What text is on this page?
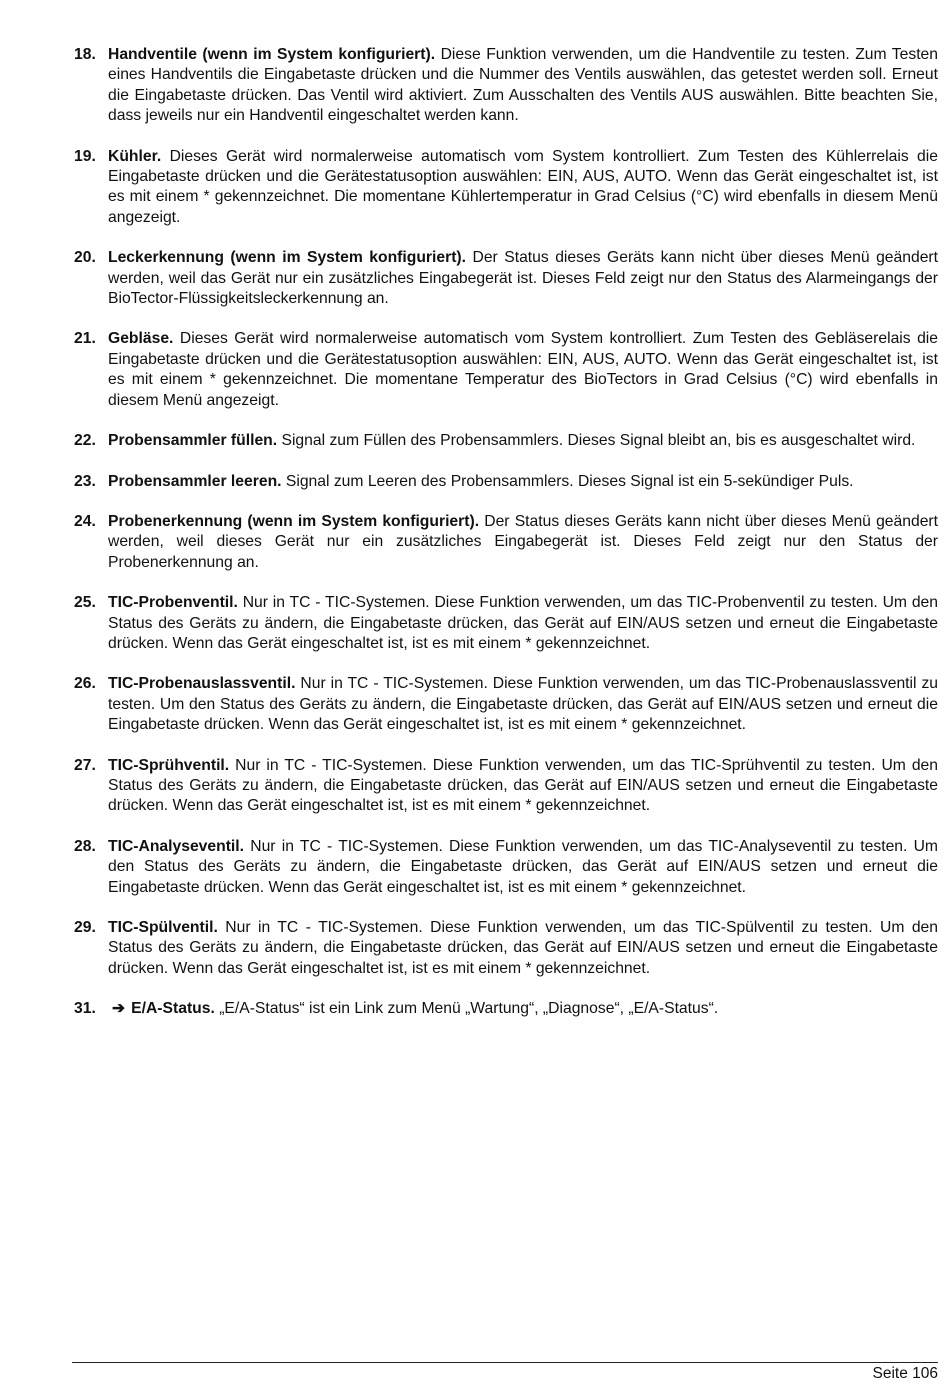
18. Handventile (wenn im System konfiguriert). Diese Funktion verwenden, um die Handventile zu testen. Zum Testen eines Handventils die Eingabetaste drücken und die Nummer des Ventils auswählen, das getestet werden soll. Erneut die Eingabetaste drücken. Das Ventil wird aktiviert. Zum Ausschalten des Ventils AUS auswählen. Bitte beachten Sie, dass jeweils nur ein Handventil eingeschaltet werden kann.
19. Kühler. Dieses Gerät wird normalerweise automatisch vom System kontrolliert. Zum Testen des Kühlerrelais die Eingabetaste drücken und die Gerätestatusoption auswählen: EIN, AUS, AUTO. Wenn das Gerät eingeschaltet ist, ist es mit einem * gekennzeichnet. Die momentane Kühlertemperatur in Grad Celsius (°C) wird ebenfalls in diesem Menü angezeigt.
20. Leckerkennung (wenn im System konfiguriert). Der Status dieses Geräts kann nicht über dieses Menü geändert werden, weil das Gerät nur ein zusätzliches Eingabegerät ist. Dieses Feld zeigt nur den Status des Alarmeingangs der BioTector-Flüssigkeitsleckerkennung an.
21. Gebläse. Dieses Gerät wird normalerweise automatisch vom System kontrolliert. Zum Testen des Gebläserelais die Eingabetaste drücken und die Gerätestatusoption auswählen: EIN, AUS, AUTO. Wenn das Gerät eingeschaltet ist, ist es mit einem * gekennzeichnet. Die momentane Temperatur des BioTectors in Grad Celsius (°C) wird ebenfalls in diesem Menü angezeigt.
22. Probensammler füllen. Signal zum Füllen des Probensammlers. Dieses Signal bleibt an, bis es ausgeschaltet wird.
23. Probensammler leeren. Signal zum Leeren des Probensammlers. Dieses Signal ist ein 5-sekündiger Puls.
24. Probenerkennung (wenn im System konfiguriert). Der Status dieses Geräts kann nicht über dieses Menü geändert werden, weil dieses Gerät nur ein zusätzliches Eingabegerät ist. Dieses Feld zeigt nur den Status der Probenerkennung an.
25. TIC-Probenventil. Nur in TC - TIC-Systemen. Diese Funktion verwenden, um das TIC-Probenventil zu testen. Um den Status des Geräts zu ändern, die Eingabetaste drücken, das Gerät auf EIN/AUS setzen und erneut die Eingabetaste drücken. Wenn das Gerät eingeschaltet ist, ist es mit einem * gekennzeichnet.
26. TIC-Probenauslassventil. Nur in TC - TIC-Systemen. Diese Funktion verwenden, um das TIC-Probenauslassventil zu testen. Um den Status des Geräts zu ändern, die Eingabetaste drücken, das Gerät auf EIN/AUS setzen und erneut die Eingabetaste drücken. Wenn das Gerät eingeschaltet ist, ist es mit einem * gekennzeichnet.
27. TIC-Sprühventil. Nur in TC - TIC-Systemen. Diese Funktion verwenden, um das TIC-Sprühventil zu testen. Um den Status des Geräts zu ändern, die Eingabetaste drücken, das Gerät auf EIN/AUS setzen und erneut die Eingabetaste drücken. Wenn das Gerät eingeschaltet ist, ist es mit einem * gekennzeichnet.
28. TIC-Analyseventil. Nur in TC - TIC-Systemen. Diese Funktion verwenden, um das TIC-Analyseventil zu testen. Um den Status des Geräts zu ändern, die Eingabetaste drücken, das Gerät auf EIN/AUS setzen und erneut die Eingabetaste drücken. Wenn das Gerät eingeschaltet ist, ist es mit einem * gekennzeichnet.
29. TIC-Spülventil. Nur in TC - TIC-Systemen. Diese Funktion verwenden, um das TIC-Spülventil zu testen. Um den Status des Geräts zu ändern, die Eingabetaste drücken, das Gerät auf EIN/AUS setzen und erneut die Eingabetaste drücken. Wenn das Gerät eingeschaltet ist, ist es mit einem * gekennzeichnet.
31.	➔ E/A-Status. „E/A-Status“ ist ein Link zum Menü „Wartung“, „Diagnose“, „E/A-Status“.
Seite 106
